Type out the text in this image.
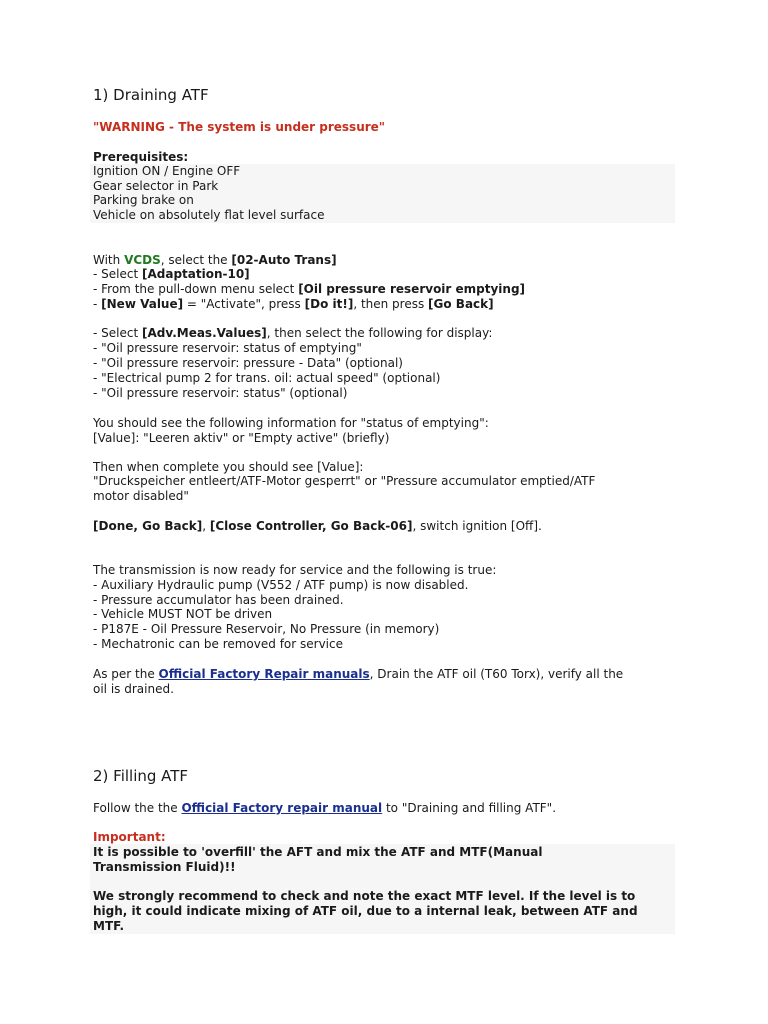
1) Draining ATF
"WARNING - The system is under pressure"
Prerequisites:
Ignition ON / Engine OFF
Gear selector in Park
Parking brake on
Vehicle on absolutely flat level surface
With VCDS, select the [02-Auto Trans]
- Select [Adaptation-10]
- From the pull-down menu select [Oil pressure reservoir emptying]
- [New Value] = "Activate", press [Do it!], then press [Go Back]
- Select [Adv.Meas.Values], then select the following for display:
- "Oil pressure reservoir: status of emptying"
- "Oil pressure reservoir: pressure - Data" (optional)
- "Electrical pump 2 for trans. oil: actual speed" (optional)
- "Oil pressure reservoir: status" (optional)
You should see the following information for "status of emptying":
[Value]: "Leeren aktiv" or "Empty active" (briefly)
Then when complete you should see [Value]:
"Druckspeicher entleert/ATF-Motor gesperrt" or "Pressure accumulator emptied/ATF
motor disabled"
[Done, Go Back], [Close Controller, Go Back-06], switch ignition [Off].
The transmission is now ready for service and the following is true:
- Auxiliary Hydraulic pump (V552 / ATF pump) is now disabled.
- Pressure accumulator has been drained.
- Vehicle MUST NOT be driven
- P187E - Oil Pressure Reservoir, No Pressure (in memory)
- Mechatronic can be removed for service
As per the Official Factory Repair manuals, Drain the ATF oil (T60 Torx), verify all the
oil is drained.
2) Filling ATF
Follow the the Official Factory repair manual to "Draining and filling ATF".
Important:
It is possible to 'overfill' the AFT and mix the ATF and MTF(Manual
Transmission Fluid)!!
We strongly recommend to check and note the exact MTF level. If the level is to
high, it could indicate mixing of ATF oil, due to a internal leak, between ATF and
MTF.
